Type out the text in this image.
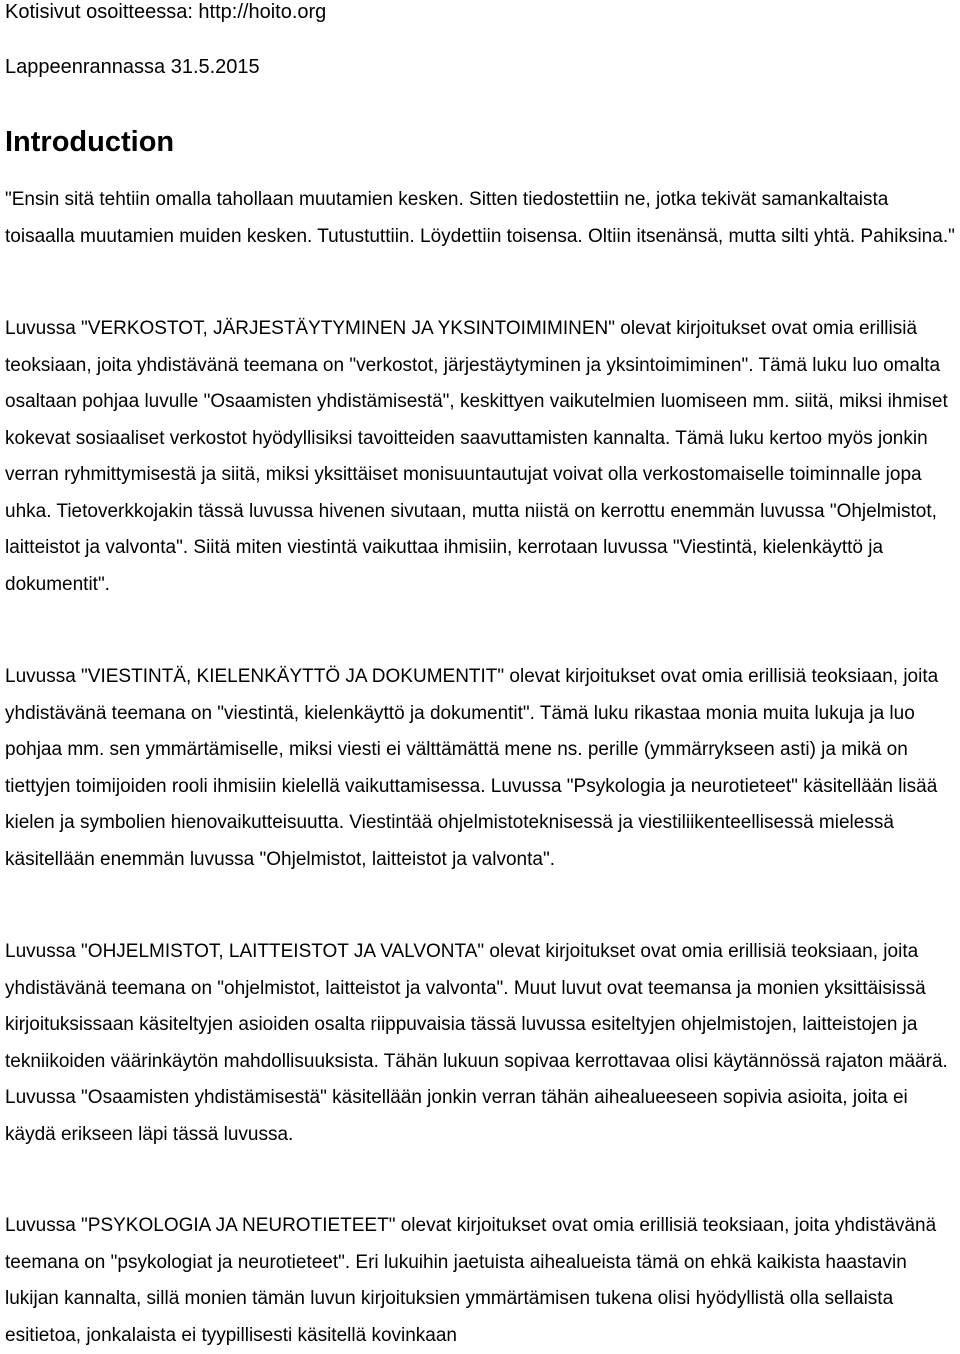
Kotisivut osoitteessa: http://hoito.org
Lappeenrannassa 31.5.2015
Introduction

"Ensin sitä tehtiin omalla tahollaan muutamien kesken. Sitten tiedostettiin ne, jotka tekivät samankaltaista toisaalla muutamien muiden kesken. Tutustuttiin. Löydettiin toisensa. Oltiin itsenänsä, mutta silti yhtä. Pahiksina."

Luvussa "VERKOSTOT, JÄRJESTÄYTYMINEN JA YKSINTOIMIMINEN" olevat kirjoitukset ovat omia erillisiä teoksiaan, joita yhdistävänä teemana on "verkostot, järjestäytyminen ja yksintoimiminen". Tämä luku luo omalta osaltaan pohjaa luvulle "Osaamisten yhdistämisestä", keskittyen vaikutelmien luomiseen mm. siitä, miksi ihmiset kokevat sosiaaliset verkostot hyödyllisiksi tavoitteiden saavuttamisten kannalta. Tämä luku kertoo myös jonkin verran ryhmittymisestä ja siitä, miksi yksittäiset monisuuntautujat voivat olla verkostomaiselle toiminnalle jopa uhka. Tietoverkkojakin tässä luvussa hivenen sivutaan, mutta niistä on kerrottu enemmän luvussa "Ohjelmistot, laitteistot ja valvonta". Siitä miten viestintä vaikuttaa ihmisiin, kerrotaan luvussa "Viestintä, kielenkäyttö ja dokumentit".

Luvussa "VIESTINTÄ, KIELENKÄYTTÖ JA DOKUMENTIT" olevat kirjoitukset ovat omia erillisiä teoksiaan, joita yhdistävänä teemana on "viestintä, kielenkäyttö ja dokumentit". Tämä luku rikastaa monia muita lukuja ja luo pohjaa mm. sen ymmärtämiselle, miksi viesti ei välttämättä mene ns. perille (ymmärrykseen asti) ja mikä on tiettyjen toimijoiden rooli ihmisiin kielellä vaikuttamisessa. Luvussa "Psykologia ja neurotieteet" käsitellään lisää kielen ja symbolien hienovaikutteisuutta. Viestintää ohjelmistoteknisessä ja viestiliikenteellisessä mielessä käsitellään enemmän luvussa "Ohjelmistot, laitteistot ja valvonta".

Luvussa "OHJELMISTOT, LAITTEISTOT JA VALVONTA" olevat kirjoitukset ovat omia erillisiä teoksiaan, joita yhdistävänä teemana on "ohjelmistot, laitteistot ja valvonta". Muut luvut ovat teemansa ja monien yksittäisissä kirjoituksissaan käsiteltyjen asioiden osalta riippuvaisia tässä luvussa esiteltyjen ohjelmistojen, laitteistojen ja tekniikoiden väärinkäytön mahdollisuuksista. Tähän lukuun sopivaa kerrottavaa olisi käytännössä rajaton määrä. Luvussa "Osaamisten yhdistämisestä" käsitellään jonkin verran tähän aihealueeseen sopivia asioita, joita ei käydä erikseen läpi tässä luvussa.

Luvussa "PSYKOLOGIA JA NEUROTIETEET" olevat kirjoitukset ovat omia erillisiä teoksiaan, joita yhdistävänä teemana on "psykologiat ja neurotieteet". Eri lukuihin jaetuista aihealueista tämä on ehkä kaikista haastavin lukijan kannalta, sillä monien tämän luvun kirjoituksien ymmärtämisen tukena olisi hyödyllistä olla sellaista esitietoa, jonkalaista ei tyypillisesti käsitellä kovinkaan
